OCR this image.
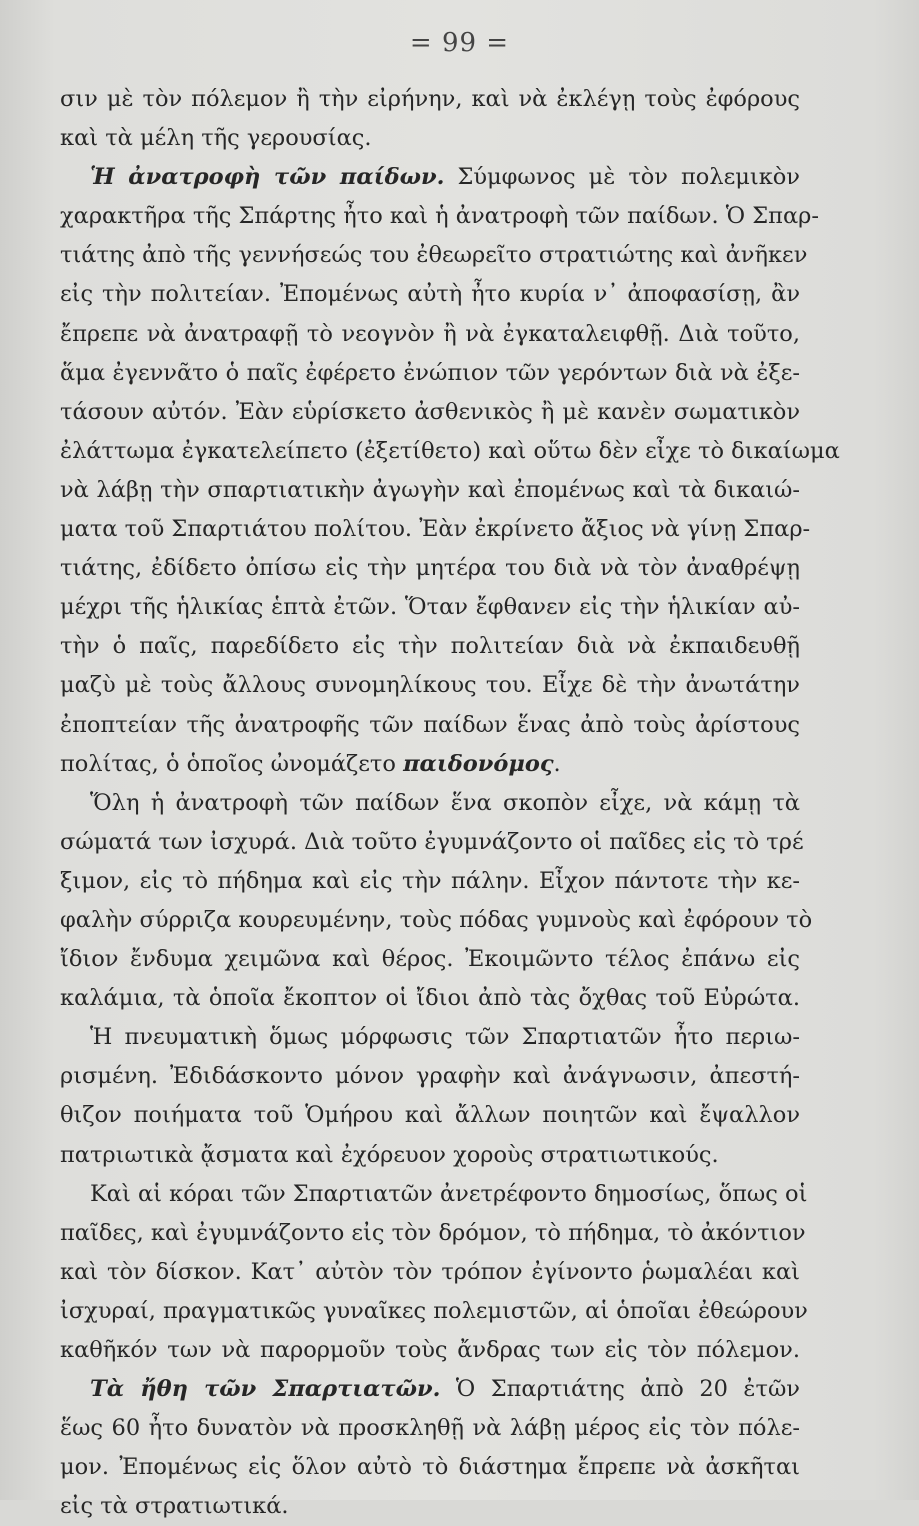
= 99 =
σιν μὲ τὸν πόλεμον ἢ τὴν εἰρήνην, καὶ νὰ ἐκλέγῃ τοὺς ἐφόρους
καὶ τὰ μέλη τῆς γερουσίας.
Ἡ ἀνατροφὴ τῶν παίδων. Σύμφωνος μὲ τὸν πολεμικὸν
χαρακτῆρα τῆς Σπάρτης ἦτο καὶ ἡ ἀνατροφὴ τῶν παίδων. Ὁ Σπαρ-
τιάτης ἀπὸ τῆς γεννήσεώς του ἐθεωρεῖτο στρατιώτης καὶ ἀνῆκεν
εἰς τὴν πολιτείαν. Ἐπομένως αὐτὴ ἦτο κυρία ν᾽ ἀποφασίσῃ, ἂν
ἔπρεπε νὰ ἀνατραφῇ τὸ νεογνὸν ἢ νὰ ἐγκαταλειφθῇ. Διὰ τοῦτο,
ἅμα ἐγεννᾶτο ὁ παῖς ἐφέρετο ἐνώπιον τῶν γερόντων διὰ νὰ ἐξε-
τάσουν αὐτόν. Ἐὰν εὑρίσκετο ἀσθενικὸς ἢ μὲ κανὲν σωματικὸν
ἐλάττωμα ἐγκατελείπετο (ἐξετίθετο) καὶ οὕτω δὲν εἶχε τὸ δικαίωμα
νὰ λάβῃ τὴν σπαρτιατικὴν ἀγωγὴν καὶ ἐπομένως καὶ τὰ δικαιώ-
ματα τοῦ Σπαρτιάτου πολίτου. Ἐὰν ἐκρίνετο ἄξιος νὰ γίνῃ Σπαρ-
τιάτης, ἐδίδετο ὀπίσω εἰς τὴν μητέρα του διὰ νὰ τὸν ἀναθρέψῃ
μέχρι τῆς ἡλικίας ἑπτὰ ἐτῶν. Ὅταν ἔφθανεν εἰς τὴν ἡλικίαν αὐ-
τὴν ὁ παῖς, παρεδίδετο εἰς τὴν πολιτείαν διὰ νὰ ἐκπαιδευθῇ
μαζὺ μὲ τοὺς ἄλλους συνομηλίκους του. Εἶχε δὲ τὴν ἀνωτάτην
ἐποπτείαν τῆς ἀνατροφῆς τῶν παίδων ἕνας ἀπὸ τοὺς ἀρίστους
πολίτας, ὁ ὁποῖος ὠνομάζετο παιδονόμος.
Ὅλη ἡ ἀνατροφὴ τῶν παίδων ἕνα σκοπὸν εἶχε, νὰ κάμῃ τὰ
σώματά των ἰσχυρά. Διὰ τοῦτο ἐγυμνάζοντο οἱ παῖδες εἰς τὸ τρέ
ξιμον, εἰς τὸ πήδημα καὶ εἰς τὴν πάλην. Εἶχον πάντοτε τὴν κε-
φαλὴν σύρριζα κουρευμένην, τοὺς πόδας γυμνοὺς καὶ ἐφόρουν τὸ
ἴδιον ἔνδυμα χειμῶνα καὶ θέρος. Ἐκοιμῶντο τέλος ἐπάνω εἰς
καλάμια, τὰ ὁποῖα ἔκοπτον οἱ ἴδιοι ἀπὸ τὰς ὄχθας τοῦ Εὐρώτα.
Ἡ πνευματικὴ ὅμως μόρφωσις τῶν Σπαρτιατῶν ἦτο περιω-
ρισμένη. Ἐδιδάσκοντο μόνον γραφὴν καὶ ἀνάγνωσιν, ἀπεστή-
θιζον ποιήματα τοῦ Ὁμήρου καὶ ἄλλων ποιητῶν καὶ ἔψαλλον
πατριωτικὰ ᾄσματα καὶ ἐχόρευον χοροὺς στρατιωτικούς.
Καὶ αἱ κόραι τῶν Σπαρτιατῶν ἀνετρέφοντο δημοσίως, ὅπως οἱ
παῖδες, καὶ ἐγυμνάζοντο εἰς τὸν δρόμον, τὸ πήδημα, τὸ ἀκόντιον
καὶ τὸν δίσκον. Κατ᾽ αὐτὸν τὸν τρόπον ἐγίνοντο ῥωμαλέαι καὶ
ἰσχυραί, πραγματικῶς γυναῖκες πολεμιστῶν, αἱ ὁποῖαι ἐθεώρουν
καθῆκόν των νὰ παρορμοῦν τοὺς ἄνδρας των εἰς τὸν πόλεμον.
Τὰ ἤθη τῶν Σπαρτιατῶν. Ὁ Σπαρτιάτης ἀπὸ 20 ἐτῶν
ἕως 60 ἦτο δυνατὸν νὰ προσκληθῇ νὰ λάβῃ μέρος εἰς τὸν πόλε-
μον. Ἐπομένως εἰς ὅλον αὐτὸ τὸ διάστημα ἔπρεπε νὰ ἀσκῆται
εἰς τὰ στρατιωτικά.
